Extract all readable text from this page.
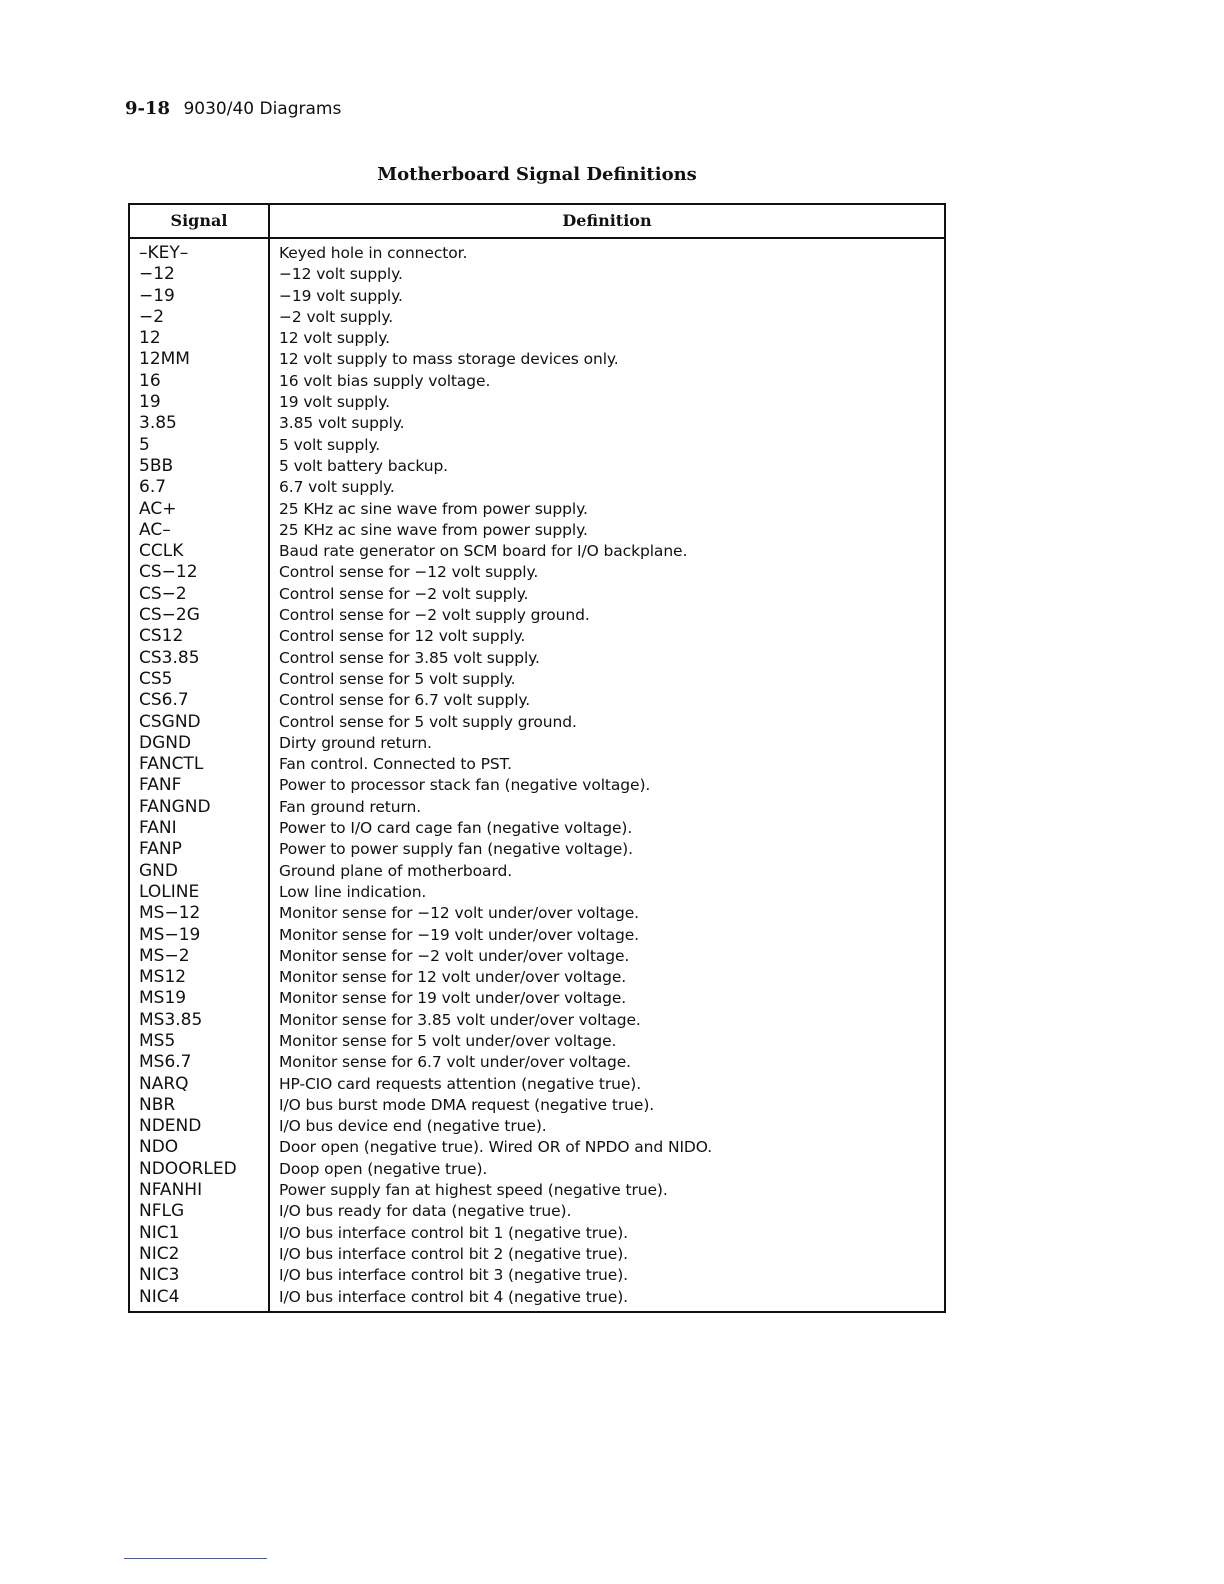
9-18 9030/40 Diagrams
Motherboard Signal Definitions
Signal	Definition
–KEY–	Keyed hole in connector.
−12	−12 volt supply.
−19	−19 volt supply.
−2	−2 volt supply.
12	12 volt supply.
12MM	12 volt supply to mass storage devices only.
16	16 volt bias supply voltage.
19	19 volt supply.
3.85	3.85 volt supply.
5	5 volt supply.
5BB	5 volt battery backup.
6.7	6.7 volt supply.
AC+	25 KHz ac sine wave from power supply.
AC–	25 KHz ac sine wave from power supply.
CCLK	Baud rate generator on SCM board for I/O backplane.
CS−12	Control sense for −12 volt supply.
CS−2	Control sense for −2 volt supply.
CS−2G	Control sense for −2 volt supply ground.
CS12	Control sense for 12 volt supply.
CS3.85	Control sense for 3.85 volt supply.
CS5	Control sense for 5 volt supply.
CS6.7	Control sense for 6.7 volt supply.
CSGND	Control sense for 5 volt supply ground.
DGND	Dirty ground return.
FANCTL	Fan control. Connected to PST.
FANF	Power to processor stack fan (negative voltage).
FANGND	Fan ground return.
FANI	Power to I/O card cage fan (negative voltage).
FANP	Power to power supply fan (negative voltage).
GND	Ground plane of motherboard.
LOLINE	Low line indication.
MS−12	Monitor sense for −12 volt under/over voltage.
MS−19	Monitor sense for −19 volt under/over voltage.
MS−2	Monitor sense for −2 volt under/over voltage.
MS12	Monitor sense for 12 volt under/over voltage.
MS19	Monitor sense for 19 volt under/over voltage.
MS3.85	Monitor sense for 3.85 volt under/over voltage.
MS5	Monitor sense for 5 volt under/over voltage.
MS6.7	Monitor sense for 6.7 volt under/over voltage.
NARQ	HP-CIO card requests attention (negative true).
NBR	I/O bus burst mode DMA request (negative true).
NDEND	I/O bus device end (negative true).
NDO	Door open (negative true). Wired OR of NPDO and NIDO.
NDOORLED	Doop open (negative true).
NFANHI	Power supply fan at highest speed (negative true).
NFLG	I/O bus ready for data (negative true).
NIC1	I/O bus interface control bit 1 (negative true).
NIC2	I/O bus interface control bit 2 (negative true).
NIC3	I/O bus interface control bit 3 (negative true).
NIC4	I/O bus interface control bit 4 (negative true).
